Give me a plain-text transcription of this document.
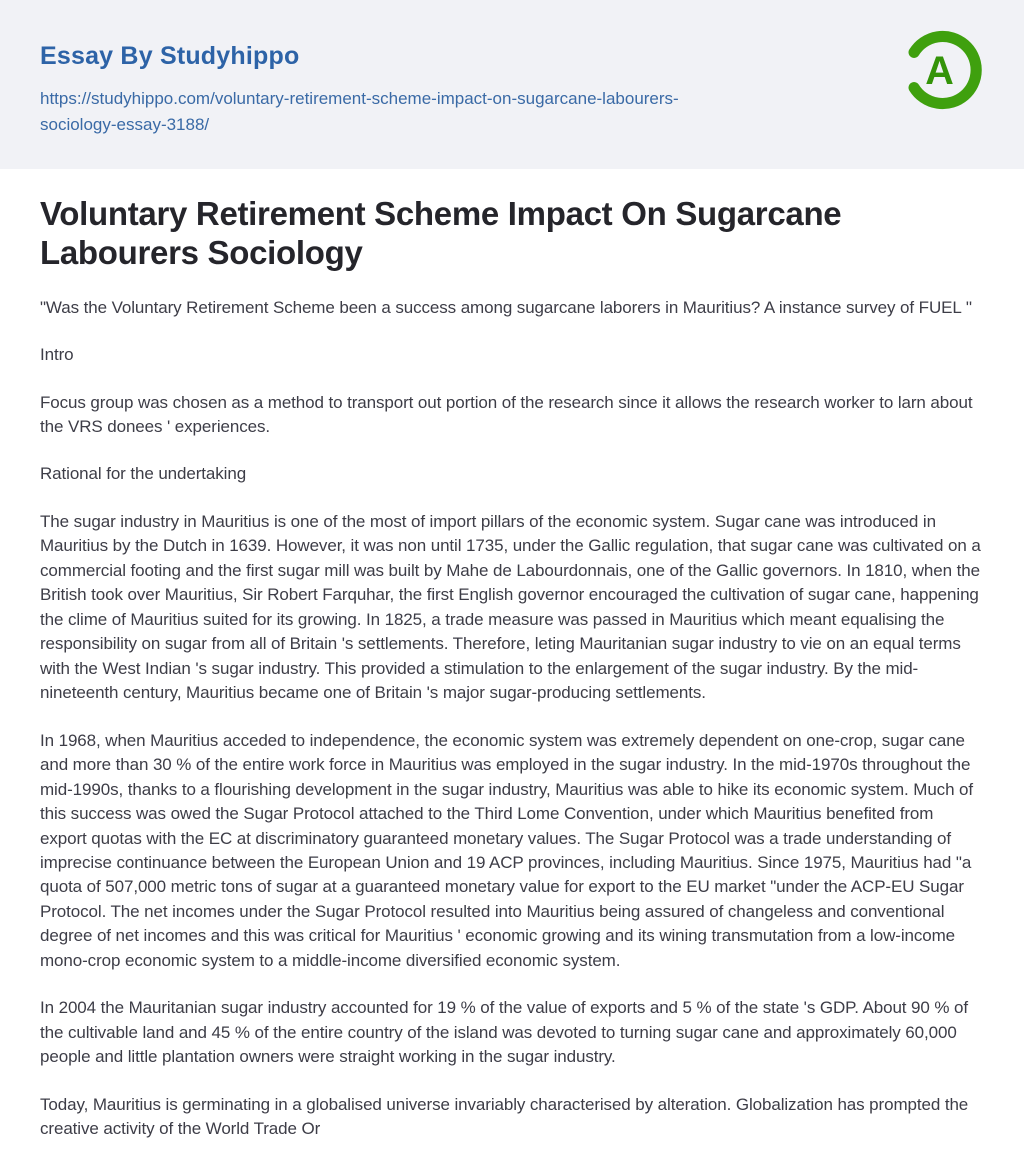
Essay By Studyhippo
https://studyhippo.com/voluntary-retirement-scheme-impact-on-sugarcane-labourers-sociology-essay-3188/
A
Voluntary Retirement Scheme Impact On Sugarcane Labourers Sociology

"Was the Voluntary Retirement Scheme been a success among sugarcane laborers in Mauritius? A instance survey of FUEL ''

Intro

Focus group was chosen as a method to transport out portion of the research since it allows the research worker to larn about the VRS donees ' experiences.

Rational for the undertaking

The sugar industry in Mauritius is one of the most of import pillars of the economic system. Sugar cane was introduced in Mauritius by the Dutch in 1639. However, it was non until 1735, under the Gallic regulation, that sugar cane was cultivated on a commercial footing and the first sugar mill was built by Mahe de Labourdonnais, one of the Gallic governors. In 1810, when the British took over Mauritius, Sir Robert Farquhar, the first English governor encouraged the cultivation of sugar cane, happening the clime of Mauritius suited for its growing. In 1825, a trade measure was passed in Mauritius which meant equalising the responsibility on sugar from all of Britain 's settlements. Therefore, leting Mauritanian sugar industry to vie on an equal terms with the West Indian 's sugar industry. This provided a stimulation to the enlargement of the sugar industry. By the mid-nineteenth century, Mauritius became one of Britain 's major sugar-producing settlements.

In 1968, when Mauritius acceded to independence, the economic system was extremely dependent on one-crop, sugar cane and more than 30 % of the entire work force in Mauritius was employed in the sugar industry. In the mid-1970s throughout the mid-1990s, thanks to a flourishing development in the sugar industry, Mauritius was able to hike its economic system. Much of this success was owed the Sugar Protocol attached to the Third Lome Convention, under which Mauritius benefited from export quotas with the EC at discriminatory guaranteed monetary values. The Sugar Protocol was a trade understanding of imprecise continuance between the European Union and 19 ACP provinces, including Mauritius. Since 1975, Mauritius had "a quota of 507,000 metric tons of sugar at a guaranteed monetary value for export to the EU market "under the ACP-EU Sugar Protocol. The net incomes under the Sugar Protocol resulted into Mauritius being assured of changeless and conventional degree of net incomes and this was critical for Mauritius ' economic growing and its wining transmutation from a low-income mono-crop economic system to a middle-income diversified economic system.

In 2004 the Mauritanian sugar industry accounted for 19 % of the value of exports and 5 % of the state 's GDP. About 90 % of the cultivable land and 45 % of the entire country of the island was devoted to turning sugar cane and approximately 60,000 people and little plantation owners were straight working in the sugar industry.

Today, Mauritius is germinating in a globalised universe invariably characterised by alteration. Globalization has prompted the creative activity of the World Trade Or
